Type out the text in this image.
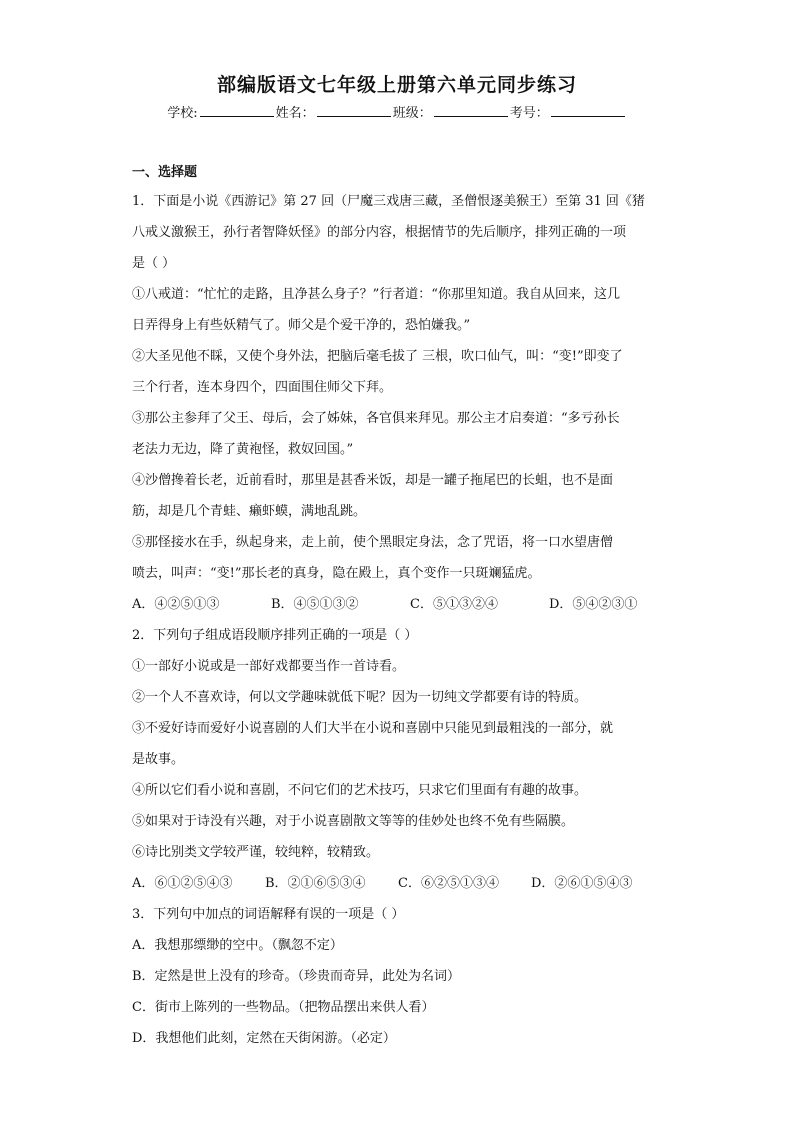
部编版语文七年级上册第六单元同步练习
学校:	姓名：	班级：	考号：
一、选择题
1．下面是小说《西游记》第 27 回（尸魔三戏唐三藏，圣僧恨逐美猴王）至第 31 回《猪
八戒义激猴王，孙行者智降妖怪》的部分内容，根据情节的先后顺序，排列正确的一项
是（ ）
①八戒道：“忙忙的走路，且净甚么身子？”行者道：“你那里知道。我自从回来，这几
日弄得身上有些妖精气了。师父是个爱干净的，恐怕嫌我。”
②大圣见他不睬，又使个身外法，把脑后毫毛拔了 三根，吹口仙气，叫：“变!”即变了
三个行者，连本身四个，四面围住师父下拜。
③那公主参拜了父王、母后，会了姊妹，各官俱来拜见。那公主才启奏道：“多亏孙长
老法力无边，降了黄袍怪，救奴回国。”
④沙僧搀着长老，近前看时，那里是甚香米饭，却是一罐子拖尾巴的长蛆，也不是面
筋，却是几个青蛙、癞虾蟆，满地乱跳。
⑤那怪接水在手，纵起身来，走上前，使个黑眼定身法，念了咒语，将一口水望唐僧
喷去，叫声：“变!”那长老的真身，隐在殿上，真个变作一只斑斓猛虎。
A．④②⑤①③	B．④⑤①③②	C．⑤①③②④	D．⑤④②③①
2．下列句子组成语段顺序排列正确的一项是（ ）
①一部好小说或是一部好戏都要当作一首诗看。
②一个人不喜欢诗，何以文学趣味就低下呢？因为一切纯文学都要有诗的特质。
③不爱好诗而爱好小说喜剧的人们大半在小说和喜剧中只能见到最粗浅的一部分，就
是故事。
④所以它们看小说和喜剧，不问它们的艺术技巧，只求它们里面有有趣的故事。
⑤如果对于诗没有兴趣，对于小说喜剧散文等等的佳妙处也终不免有些隔膜。
⑥诗比别类文学较严谨，较纯粹，较精致。
A．⑥①②⑤④③	B．②①⑥⑤③④	C．⑥②⑤①③④	D．②⑥①⑤④③
3．下列句中加点的词语解释有误的一项是（ ）
A．我想那缥缈的空中。（飘忽不定）
B．定然是世上没有的珍奇。（珍贵而奇异，此处为名词）
C．街市上陈列的一些物品。（把物品摆出来供人看）
D．我想他们此刻，定然在天街闲游。（必定）
